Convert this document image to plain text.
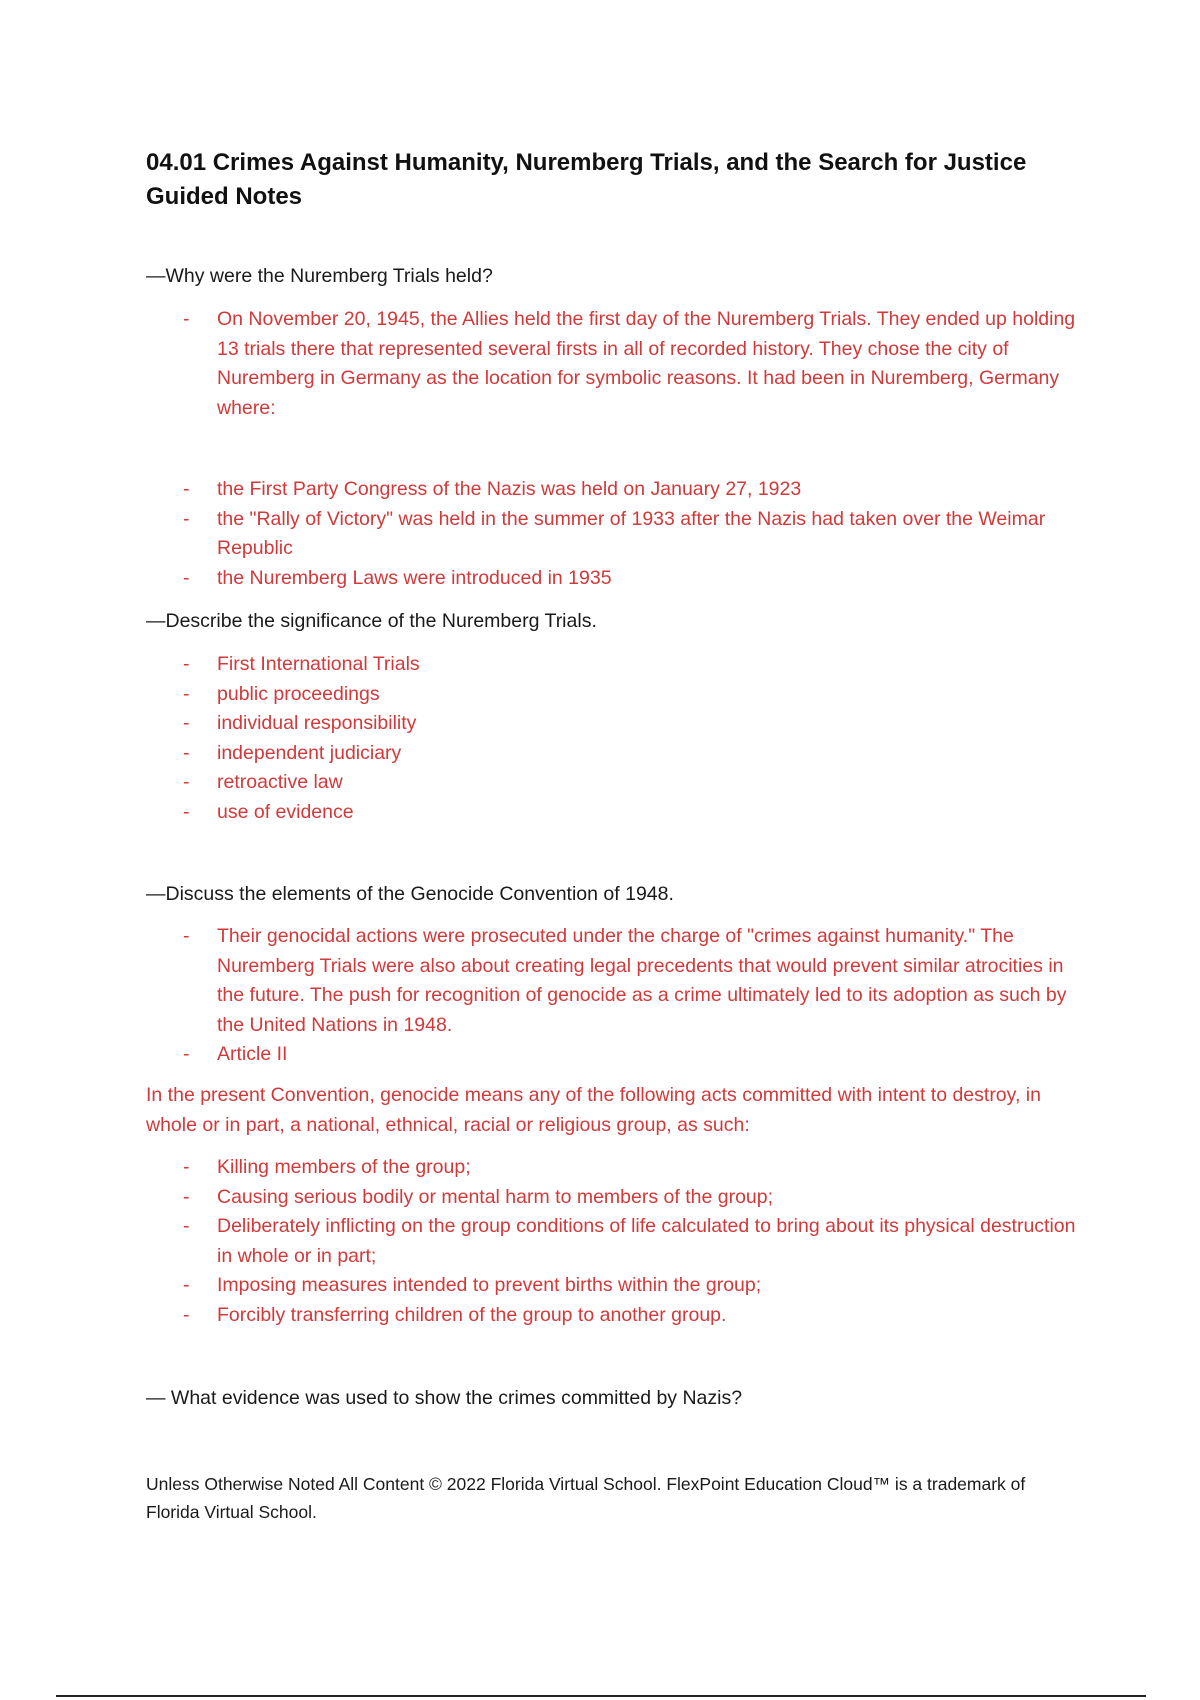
04.01 Crimes Against Humanity, Nuremberg Trials, and the Search for Justice
Guided Notes

—Why were the Nuremberg Trials held?

- On November 20, 1945, the Allies held the first day of the Nuremberg Trials. They ended up holding 13 trials there that represented several firsts in all of recorded history. They chose the city of Nuremberg in Germany as the location for symbolic reasons. It had been in Nuremberg, Germany where:
- the First Party Congress of the Nazis was held on January 27, 1923
- the "Rally of Victory" was held in the summer of 1933 after the Nazis had taken over the Weimar Republic
- the Nuremberg Laws were introduced in 1935

—Describe the significance of the Nuremberg Trials.

- First International Trials
- public proceedings
- individual responsibility
- independent judiciary
- retroactive law
- use of evidence

—Discuss the elements of the Genocide Convention of 1948.

- Their genocidal actions were prosecuted under the charge of "crimes against humanity." The Nuremberg Trials were also about creating legal precedents that would prevent similar atrocities in the future. The push for recognition of genocide as a crime ultimately led to its adoption as such by the United Nations in 1948.
- Article II

In the present Convention, genocide means any of the following acts committed with intent to destroy, in whole or in part, a national, ethnical, racial or religious group, as such:

- Killing members of the group;
- Causing serious bodily or mental harm to members of the group;
- Deliberately inflicting on the group conditions of life calculated to bring about its physical destruction in whole or in part;
- Imposing measures intended to prevent births within the group;
- Forcibly transferring children of the group to another group.

— What evidence was used to show the crimes committed by Nazis?

Unless Otherwise Noted All Content © 2022 Florida Virtual School. FlexPoint Education Cloud™ is a trademark of Florida Virtual School.
